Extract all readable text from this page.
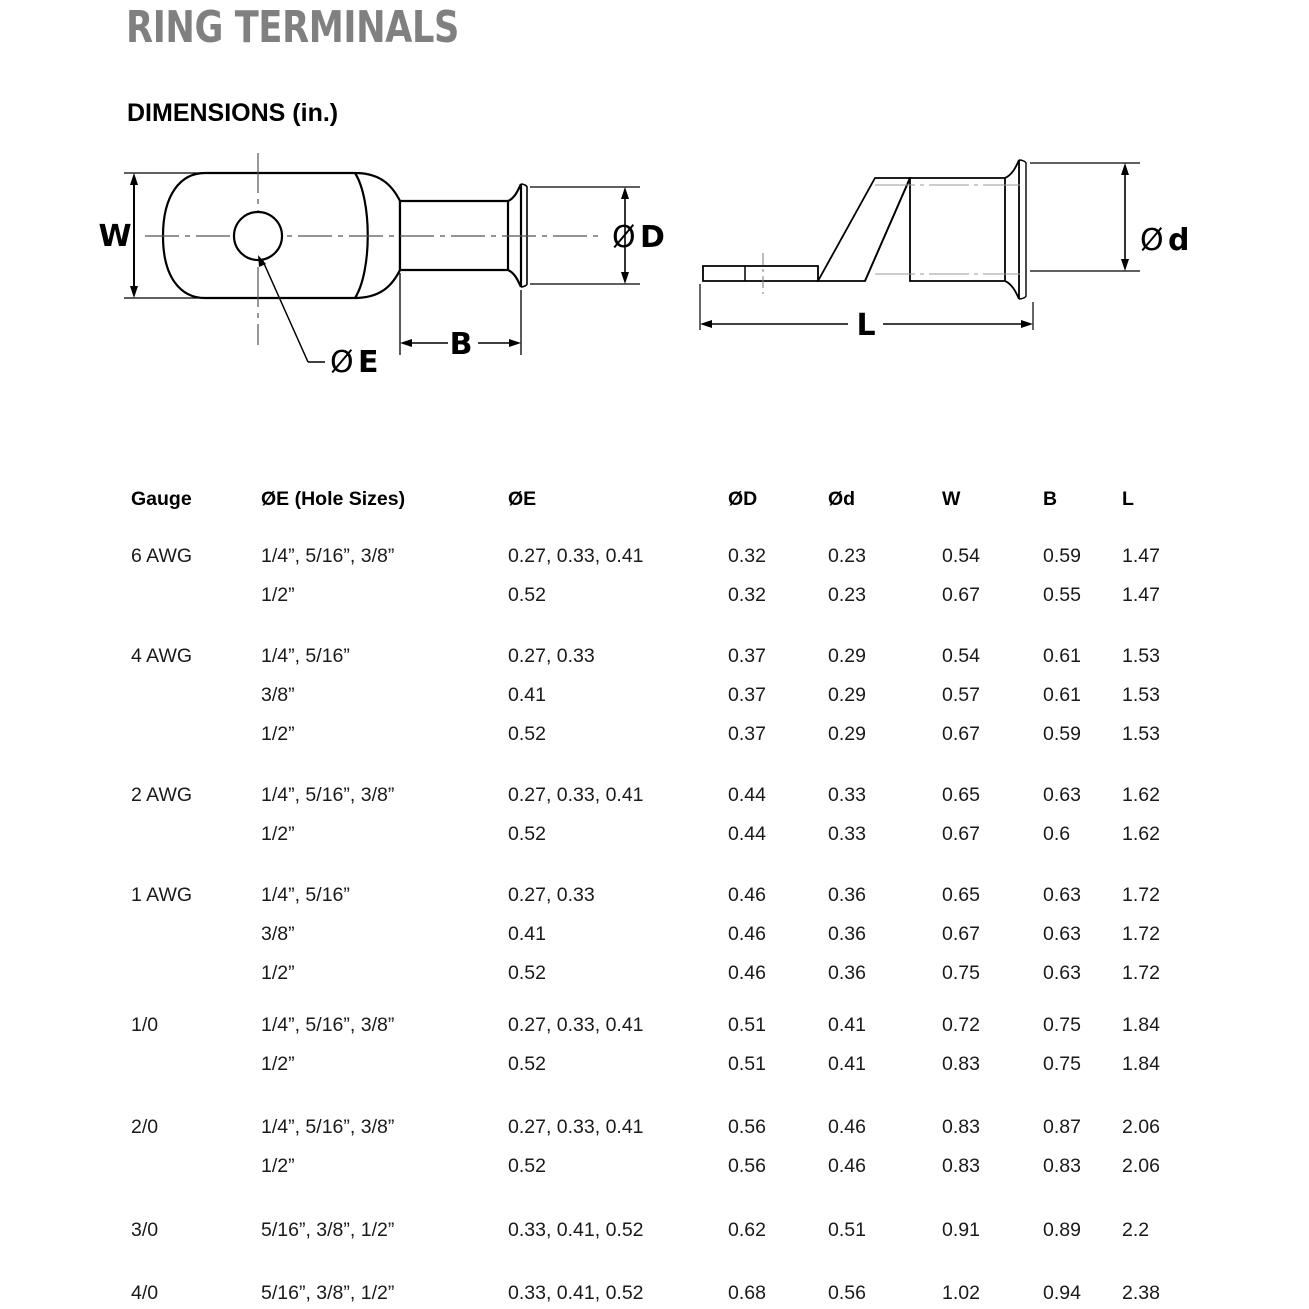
RING TERMINALS
DIMENSIONS (in.)
W
Ø E
B
Ø D
L
Ø d
Gauge	ØE (Hole Sizes)	ØE	ØD	Ød	W	B	L
6 AWG	1/4”, 5/16”, 3/8”	0.27, 0.33, 0.41	0.32	0.23	0.54	0.59 1.47
1/2”	0.52	0.32	0.23	0.67	0.55 1.47
4 AWG	1/4”, 5/16”	0.27, 0.33	0.37	0.29	0.54	0.61 1.53
3/8”	0.41	0.37	0.29	0.57	0.61 1.53
1/2”	0.52	0.37	0.29	0.67	0.59 1.53
2 AWG	1/4”, 5/16”, 3/8”	0.27, 0.33, 0.41	0.44	0.33	0.65	0.63 1.62
1/2”	0.52	0.44	0.33	0.67	0.6	1.62
1 AWG	1/4”, 5/16”	0.27, 0.33	0.46	0.36	0.65	0.63 1.72
3/8”	0.41	0.46	0.36	0.67	0.63 1.72
1/2”	0.52	0.46	0.36	0.75	0.63 1.72
1/0	1/4”, 5/16”, 3/8”	0.27, 0.33, 0.41	0.51	0.41	0.72	0.75 1.84
1/2”	0.52	0.51	0.41	0.83	0.75 1.84
2/0	1/4”, 5/16”, 3/8”	0.27, 0.33, 0.41	0.56	0.46	0.83	0.87 2.06
1/2”	0.52	0.56	0.46	0.83	0.83 2.06
3/0	5/16”, 3/8”, 1/2”	0.33, 0.41, 0.52	0.62	0.51	0.91	0.89 2.2
4/0	5/16”, 3/8”, 1/2”	0.33, 0.41, 0.52	0.68	0.56	1.02	0.94 2.38
